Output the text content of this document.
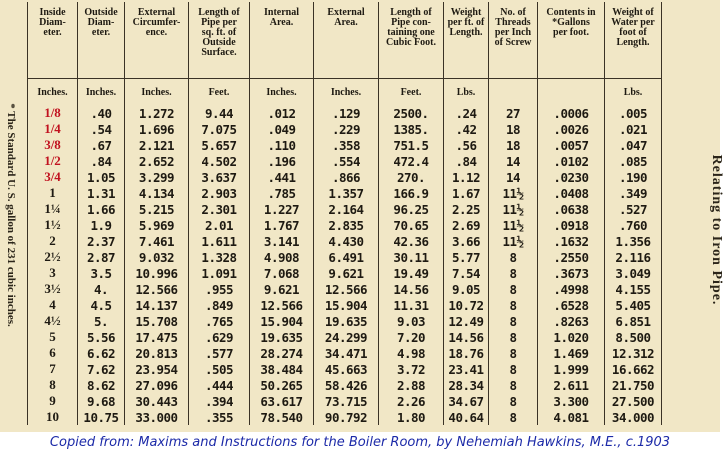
* The Standard U. S. gallon of 231 cubic inches.	Relating to Iron Pipe.
Inside
Diam-
eter.	Outside
Diam-
eter.	External
Circumfer-
ence.	Length of
Pipe per
sq. ft. of
Outside
Surface.	Internal
Area.	External
Area.	Length of
Pipe con-
taining one
Cubic Foot.	Weight
per ft. of
Length.	No. of
Threads
per Inch
of Screw	Contents in
*Gallons
per foot.	Weight of
Water per
foot of
Length.
Inches.	Inches.	Inches.	Feet.	Inches.	Inches.	Feet.	Lbs.			Lbs.
1/8	.40	1.272	9.44	.012	.129	2500.	.24	27	.0006	.005
1/4	.54	1.696	7.075	.049	.229	1385.	.42	18	.0026	.021
3/8	.67	2.121	5.657	.110	.358	751.5	.56	18	.0057	.047
1/2	.84	2.652	4.502	.196	.554	472.4	.84	14	.0102	.085
3/4	1.05	3.299	3.637	.441	.866	270.	1.12	14	.0230	.190
1	1.31	4.134	2.903	.785	1.357	166.9	1.67	11½	.0408	.349
1¼	1.66	5.215	2.301	1.227	2.164	96.25	2.25	11½	.0638	.527
1½	1.9	5.969	2.01	1.767	2.835	70.65	2.69	11½	.0918	.760
2	2.37	7.461	1.611	3.141	4.430	42.36	3.66	11½	.1632	1.356
2½	2.87	9.032	1.328	4.908	6.491	30.11	5.77	8	.2550	2.116
3	3.5	10.996	1.091	7.068	9.621	19.49	7.54	8	.3673	3.049
3½	4.	12.566	.955	9.621	12.566	14.56	9.05	8	.4998	4.155
4	4.5	14.137	.849	12.566	15.904	11.31	10.72	8	.6528	5.405
4½	5.	15.708	.765	15.904	19.635	9.03	12.49	8	.8263	6.851
5	5.56	17.475	.629	19.635	24.299	7.20	14.56	8	1.020	8.500
6	6.62	20.813	.577	28.274	34.471	4.98	18.76	8	1.469	12.312
7	7.62	23.954	.505	38.484	45.663	3.72	23.41	8	1.999	16.662
8	8.62	27.096	.444	50.265	58.426	2.88	28.34	8	2.611	21.750
9	9.68	30.443	.394	63.617	73.715	2.26	34.67	8	3.300	27.500
10	10.75	33.000	.355	78.540	90.792	1.80	40.64	8	4.081	34.000
Copied from: Maxims and Instructions for the Boiler Room, by Nehemiah Hawkins, M.E., c.1903
